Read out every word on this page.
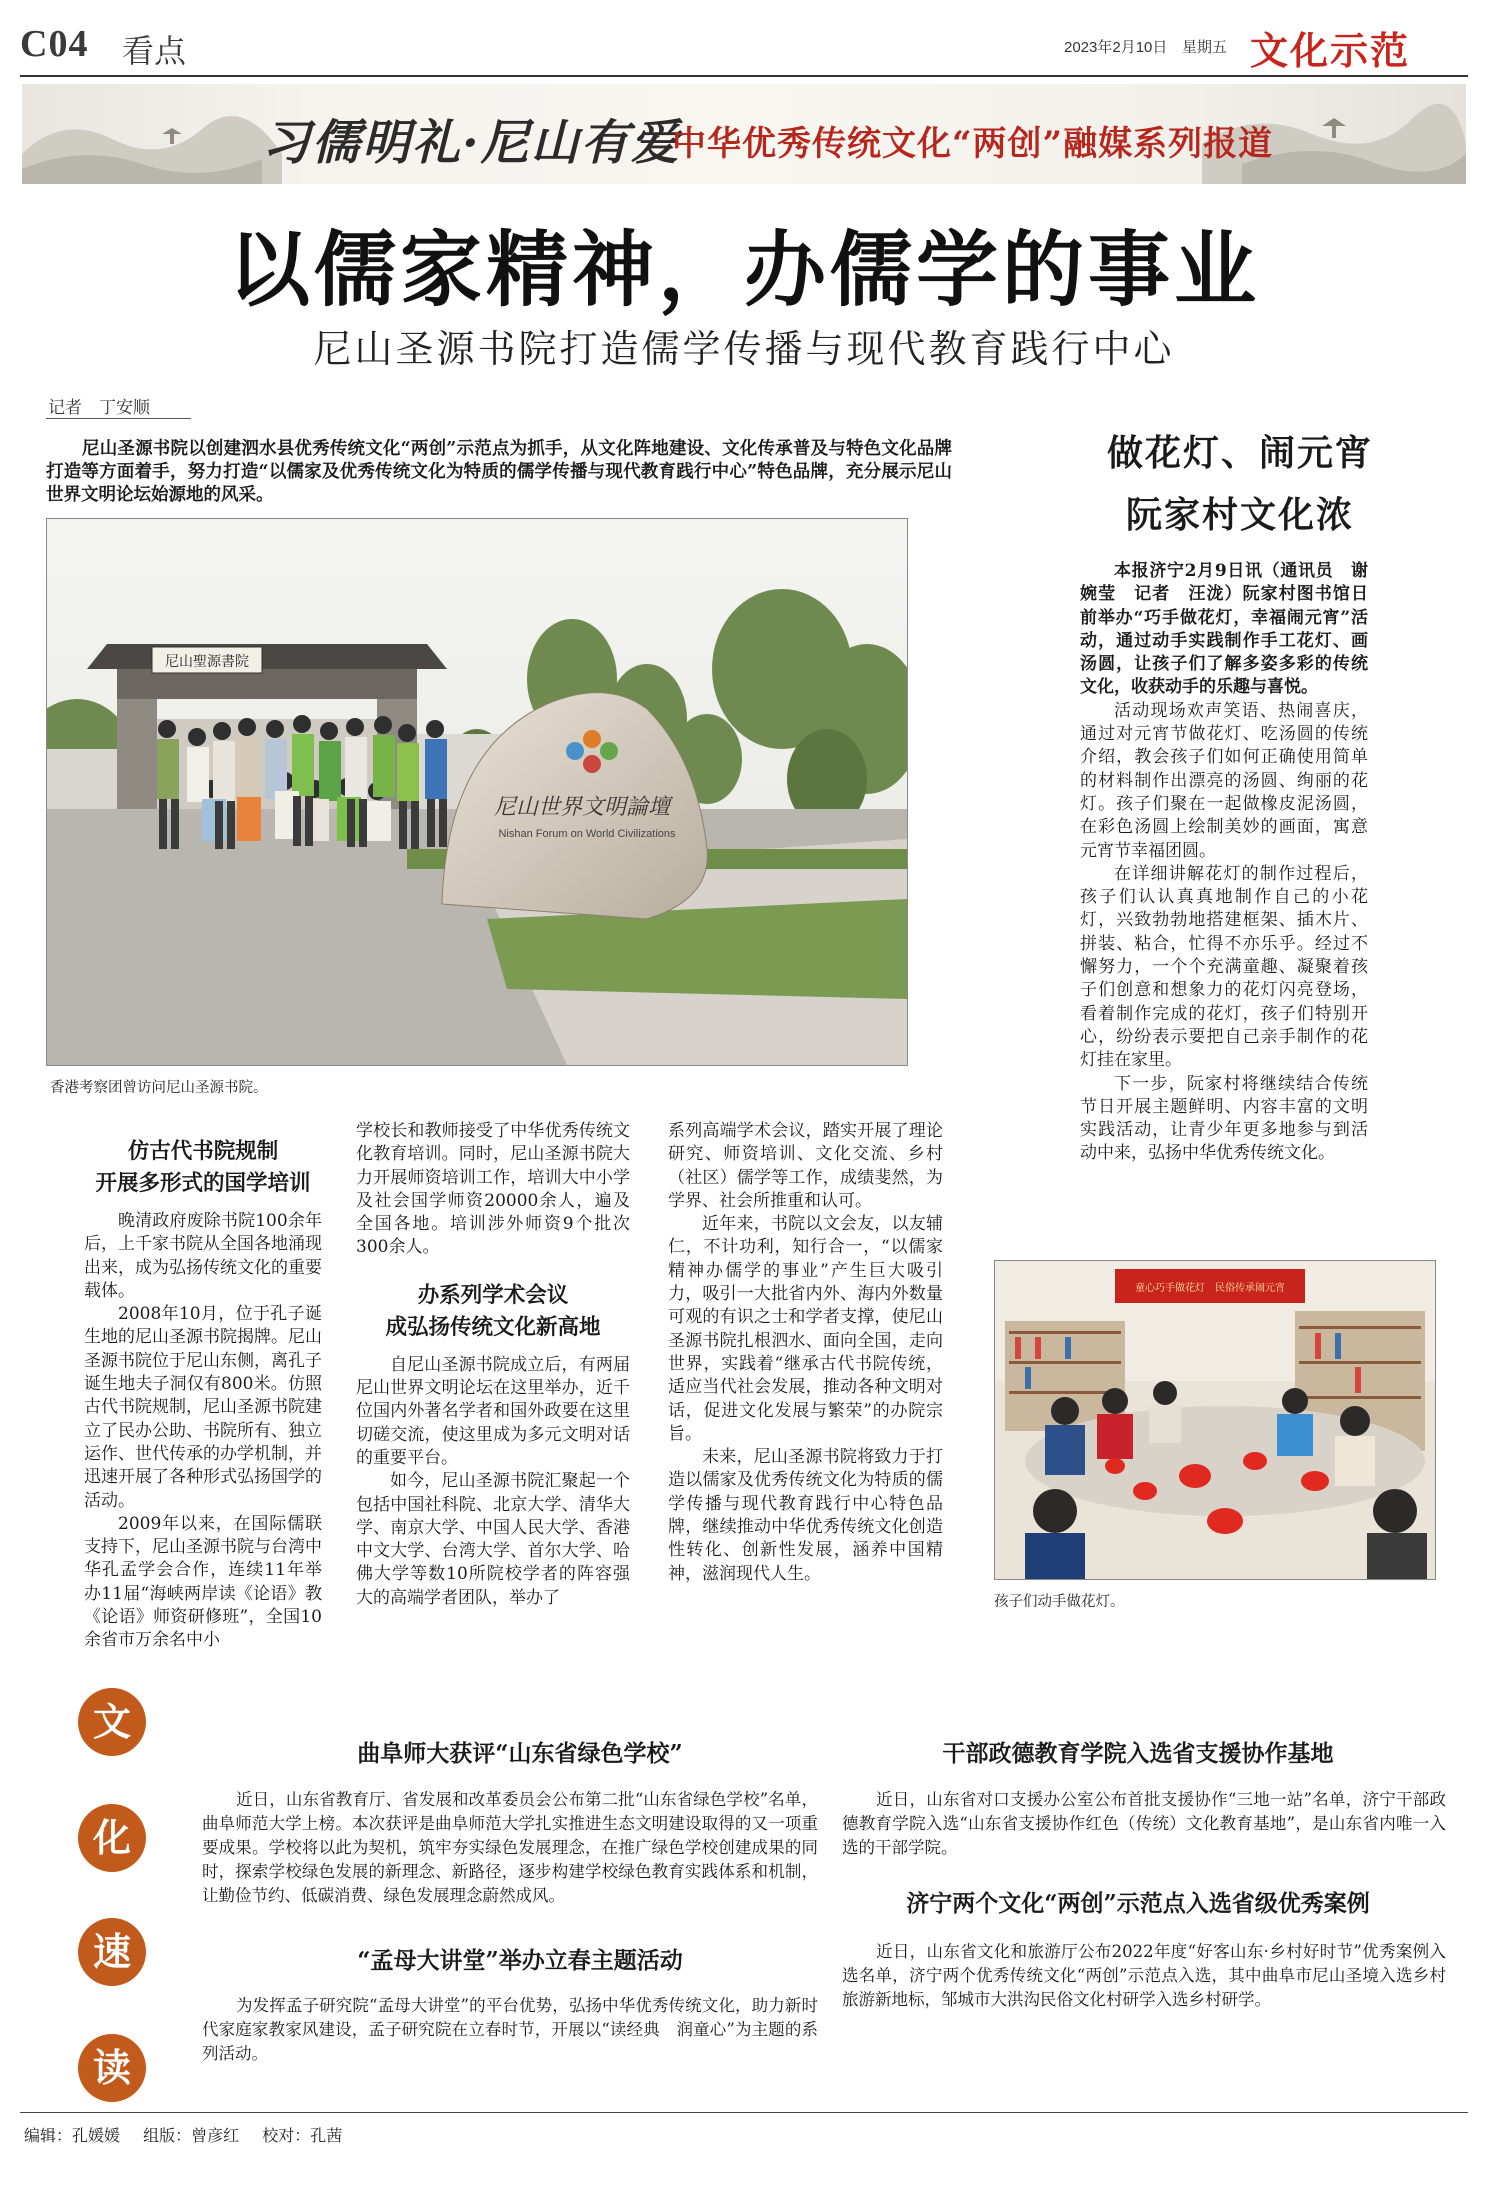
C04 看点	2023年2月10日 星期五 文化示范
习儒明礼·尼山有爱
中华优秀传统文化“两创”融媒系列报道
以儒家精神，办儒学的事业
尼山圣源书院打造儒学传播与现代教育践行中心
记者　丁安顺
尼山圣源书院以创建泗水县优秀传统文化“两创”示范点为抓手，从文化阵地建设、文化传承普及与特色文化品牌打造等方面着手，努力打造“以儒家及优秀传统文化为特质的儒学传播与现代教育践行中心”特色品牌，充分展示尼山世界文明论坛始源地的风采。
尼山聖源書院
尼山世界文明論壇
Nishan Forum on World Civilizations
香港考察团曾访问尼山圣源书院。
仿古代书院规制
开展多形式的国学培训

晚清政府废除书院100余年后，上千家书院从全国各地涌现出来，成为弘扬传统文化的重要载体。

2008年10月，位于孔子诞生地的尼山圣源书院揭牌。尼山圣源书院位于尼山东侧，离孔子诞生地夫子洞仅有800米。仿照古代书院规制，尼山圣源书院建立了民办公助、书院所有、独立运作、世代传承的办学机制，并迅速开展了各种形式弘扬国学的活动。

2009年以来，在国际儒联支持下，尼山圣源书院与台湾中华孔孟学会合作，连续11年举办11届“海峡两岸读《论语》教《论语》师资研修班”，全国10余省市万余名中小

学校长和教师接受了中华优秀传统文化教育培训。同时，尼山圣源书院大力开展师资培训工作，培训大中小学及社会国学师资20000余人，遍及全国各地。培训涉外师资9个批次300余人。

办系列学术会议
成弘扬传统文化新高地

自尼山圣源书院成立后，有两届尼山世界文明论坛在这里举办，近千位国内外著名学者和国外政要在这里切磋交流，使这里成为多元文明对话的重要平台。

如今，尼山圣源书院汇聚起一个包括中国社科院、北京大学、清华大学、南京大学、中国人民大学、香港中文大学、台湾大学、首尔大学、哈佛大学等数10所院校学者的阵容强大的高端学者团队，举办了

系列高端学术会议，踏实开展了理论研究、师资培训、文化交流、乡村（社区）儒学等工作，成绩斐然，为学界、社会所推重和认可。

近年来，书院以文会友，以友辅仁，不计功利，知行合一，“以儒家精神办儒学的事业”产生巨大吸引力，吸引一大批省内外、海内外数量可观的有识之士和学者支撑，使尼山圣源书院扎根泗水、面向全国，走向世界，实践着“继承古代书院传统，适应当代社会发展，推动各种文明对话，促进文化发展与繁荣”的办院宗旨。

未来，尼山圣源书院将致力于打造以儒家及优秀传统文化为特质的儒学传播与现代教育践行中心特色品牌，继续推动中华优秀传统文化创造性转化、创新性发展，涵养中国精神，滋润现代人生。

做花灯、闹元宵
阮家村文化浓

本报济宁2月9日讯（通讯员　谢婉莹　记者　汪泷）阮家村图书馆日前举办“巧手做花灯，幸福闹元宵”活动，通过动手实践制作手工花灯、画汤圆，让孩子们了解多姿多彩的传统文化，收获动手的乐趣与喜悦。

活动现场欢声笑语、热闹喜庆，通过对元宵节做花灯、吃汤圆的传统介绍，教会孩子们如何正确使用简单的材料制作出漂亮的汤圆、绚丽的花灯。孩子们聚在一起做橡皮泥汤圆，在彩色汤圆上绘制美妙的画面，寓意元宵节幸福团圆。

在详细讲解花灯的制作过程后，孩子们认认真真地制作自己的小花灯，兴致勃勃地搭建框架、插木片、拼装、粘合，忙得不亦乐乎。经过不懈努力，一个个充满童趣、凝聚着孩子们创意和想象力的花灯闪亮登场，看着制作完成的花灯，孩子们特别开心，纷纷表示要把自己亲手制作的花灯挂在家里。

下一步，阮家村将继续结合传统节日开展主题鲜明、内容丰富的文明实践活动，让青少年更多地参与到活动中来，弘扬中华优秀传统文化。

童心巧手做花灯　民俗传承闹元宵
孩子们动手做花灯。
文
化
速
读
曲阜师大获评“山东省绿色学校”
近日，山东省教育厅、省发展和改革委员会公布第二批“山东省绿色学校”名单，曲阜师范大学上榜。本次获评是曲阜师范大学扎实推进生态文明建设取得的又一项重要成果。学校将以此为契机，筑牢夯实绿色发展理念，在推广绿色学校创建成果的同时，探索学校绿色发展的新理念、新路径，逐步构建学校绿色教育实践体系和机制，让勤俭节约、低碳消费、绿色发展理念蔚然成风。
“孟母大讲堂”举办立春主题活动
为发挥孟子研究院“孟母大讲堂”的平台优势，弘扬中华优秀传统文化，助力新时代家庭家教家风建设，孟子研究院在立春时节，开展以“读经典　润童心”为主题的系列活动。
干部政德教育学院入选省支援协作基地
近日，山东省对口支援办公室公布首批支援协作“三地一站”名单，济宁干部政德教育学院入选“山东省支援协作红色（传统）文化教育基地”，是山东省内唯一入选的干部学院。
济宁两个文化“两创”示范点入选省级优秀案例
近日，山东省文化和旅游厅公布2022年度“好客山东·乡村好时节”优秀案例入选名单，济宁两个优秀传统文化“两创”示范点入选，其中曲阜市尼山圣境入选乡村旅游新地标，邹城市大洪沟民俗文化村研学入选乡村研学。
编辑：孔媛媛 组版：曾彦红 校对：孔茜
